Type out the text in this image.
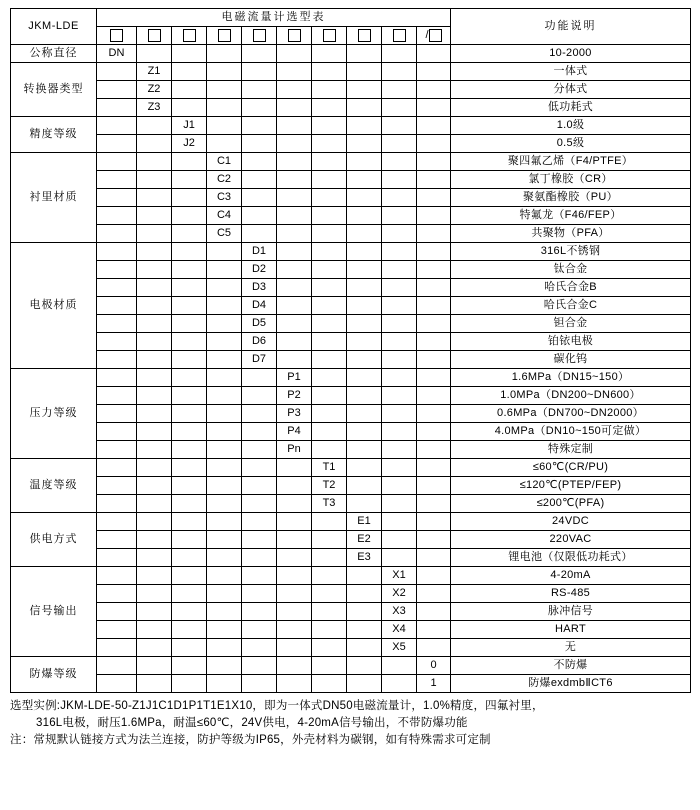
JKM-LDE	电磁流量计选型表										功能说明
										/	
公称直径	DN										10-2000
转换器类型		Z1									一体式
		Z2									分体式
		Z3									低功耗式
精度等级			J1								1.0级
			J2								0.5级
衬里材质				C1							聚四氟乙烯（F4/PTFE）
				C2							氯丁橡胶（CR）
				C3							聚氨酯橡胶（PU）
				C4							特氟龙（F46/FEP）
				C5							共聚物（PFA）
电极材质					D1						316L不锈钢
					D2						钛合金
					D3						哈氏合金B
					D4						哈氏合金C
					D5						钽合金
					D6						铂铱电极
					D7						碳化钨
压力等级						P1					1.6MPa（DN15~150）
						P2					1.0MPa（DN200~DN600）
						P3					0.6MPa（DN700~DN2000）
						P4					4.0MPa（DN10~150可定做）
						Pn					特殊定制
温度等级							T1				≤60℃(CR/PU)
							T2				≤120℃(PTEP/FEP)
							T3				≤200℃(PFA)
供电方式								E1			24VDC
								E2			220VAC
								E3			锂电池（仅限低功耗式）
信号输出									X1		4-20mA
									X2		RS-485
									X3		脉冲信号
									X4		HART
									X5		无
防爆等级										0	不防爆
										1	防爆exdmbⅡCT6
选型实例:JKM-LDE-50-Z1J1C1D1P1T1E1X10，即为一体式DN50电磁流量计，1.0%精度，四氟衬里，
316L电极，耐压1.6MPa，耐温≤60℃，24V供电，4-20mA信号输出，不带防爆功能
注：常规默认链接方式为法兰连接，防护等级为IP65，外壳材料为碳钢，如有特殊需求可定制
